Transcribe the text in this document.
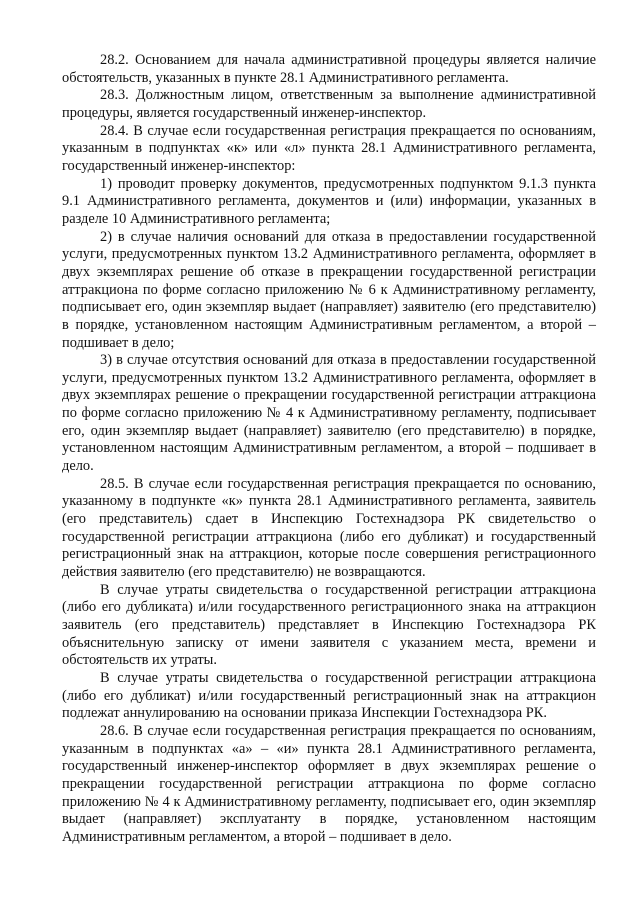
28.2. Основанием для начала административной процедуры является наличие обстоятельств, указанных в пункте 28.1 Административного регламента.

28.3. Должностным лицом, ответственным за выполнение административной процедуры, является государственный инженер-инспектор.

28.4. В случае если государственная регистрация прекращается по основаниям, указанным в подпунктах «к» или «л» пункта 28.1 Административного регламента, государственный инженер-инспектор:

1) проводит проверку документов, предусмотренных подпунктом 9.1.3 пункта 9.1 Административного регламента, документов и (или) информации, указанных в разделе 10 Административного регламента;

2) в случае наличия оснований для отказа в предоставлении государственной услуги, предусмотренных пунктом 13.2 Административного регламента, оформляет в двух экземплярах решение об отказе в прекращении государственной регистрации аттракциона по форме согласно приложению № 6 к Административному регламенту, подписывает его, один экземпляр выдает (направляет) заявителю (его представителю) в порядке, установленном настоящим Административным регламентом, а второй – подшивает в дело;

3) в случае отсутствия оснований для отказа в предоставлении государственной услуги, предусмотренных пунктом 13.2 Административного регламента, оформляет в двух экземплярах решение о прекращении государственной регистрации аттракциона по форме согласно приложению № 4 к Административному регламенту, подписывает его, один экземпляр выдает (направляет) заявителю (его представителю) в порядке, установленном настоящим Административным регламентом, а второй – подшивает в дело.

28.5. В случае если государственная регистрация прекращается по основанию, указанному в подпункте «к» пункта 28.1 Административного регламента, заявитель (его представитель) сдает в Инспекцию Гостехнадзора РК свидетельство о государственной регистрации аттракциона (либо его дубликат) и государственный регистрационный знак на аттракцион, которые после совершения регистрационного действия заявителю (его представителю) не возвращаются.

В случае утраты свидетельства о государственной регистрации аттракциона (либо его дубликата) и/или государственного регистрационного знака на аттракцион заявитель (его представитель) представляет в Инспекцию Гостехнадзора РК объяснительную записку от имени заявителя с указанием места, времени и обстоятельств их утраты.

В случае утраты свидетельства о государственной регистрации аттракциона (либо его дубликат) и/или государственный регистрационный знак на аттракцион подлежат аннулированию на основании приказа Инспекции Гостехнадзора РК.

28.6. В случае если государственная регистрация прекращается по основаниям, указанным в подпунктах «а» – «и» пункта 28.1 Административного регламента, государственный инженер-инспектор оформляет в двух экземплярах решение о прекращении государственной регистрации аттракциона по форме согласно приложению № 4 к Административному регламенту, подписывает его, один экземпляр выдает (направляет) эксплуатанту в порядке, установленном настоящим Административным регламентом, а второй – подшивает в дело.
